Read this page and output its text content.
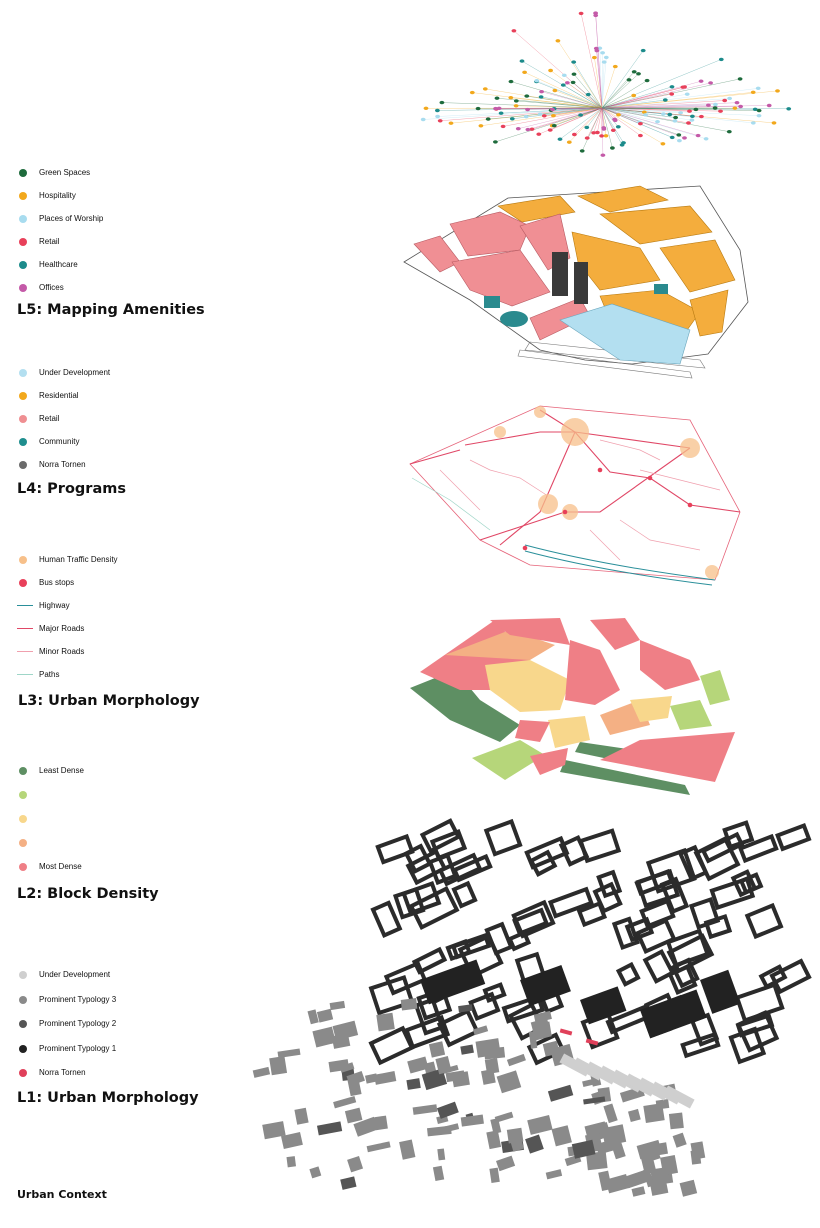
Green Spaces
Hospitality
Places of Worship
Retail
Healthcare
Offices
L5: Mapping Amenities
Under Development
Residential
Retail
Community
Norra Tornen
L4: Programs
Human Traffic Density
Bus stops
Highway
Major Roads
Minor Roads
Paths
L3: Urban Morphology
Least Dense
Most Dense
L2: Block Density
Under Development
Prominent Typology 3
Prominent Typology 2
Prominent Typology 1
Norra Tornen
L1: Urban Morphology
Urban Context
